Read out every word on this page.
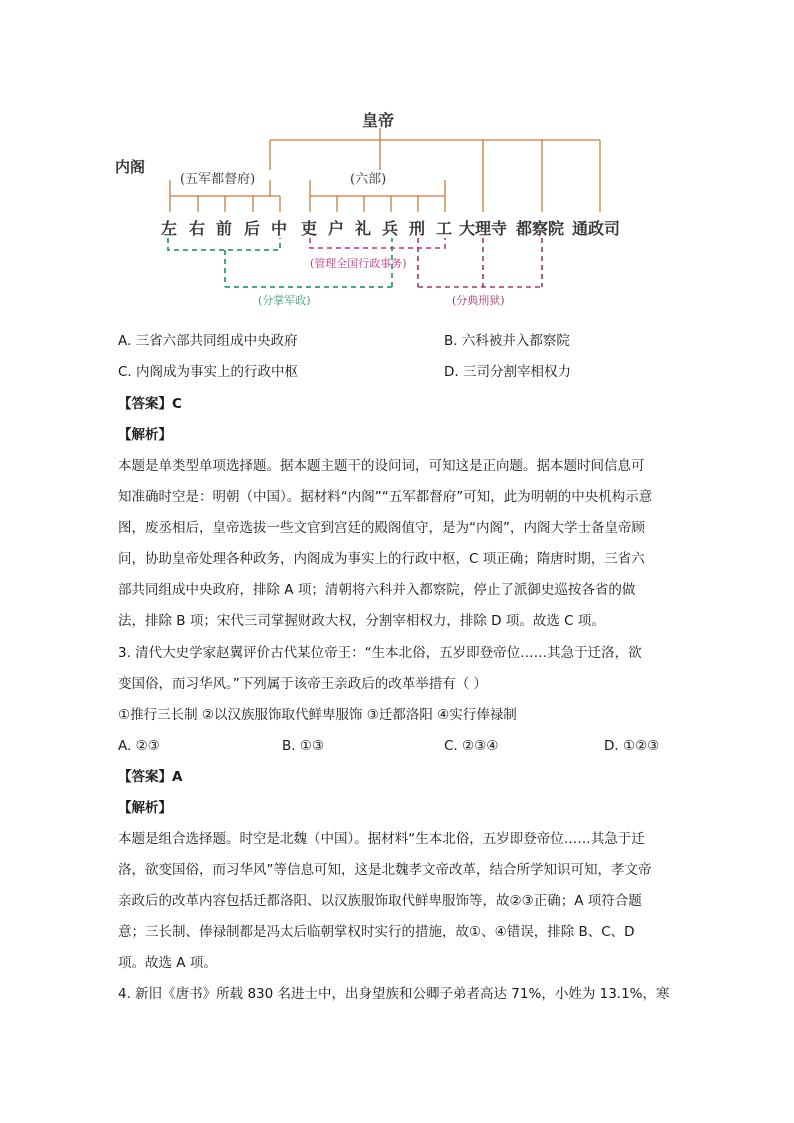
皇帝
内阁
(五军都督府)	(六部)
左 右 前 后 中 吏 户 礼 兵 刑 工 大理寺 都察院 通政司
(管理全国行政事务)
(分掌军政)	(分典刑狱)
A. 三省六部共同组成中央政府	B. 六科被并入都察院
C. 内阁成为事实上的行政中枢	D. 三司分割宰相权力
【答案】C
【解析】
本题是单类型单项选择题。据本题主题干的设问词，可知这是正向题。据本题时间信息可
知准确时空是：明朝（中国）。据材料“内阁”“五军都督府”可知，此为明朝的中央机构示意
图，废丞相后，皇帝选拔一些文官到宫廷的殿阁值守，是为“内阁”，内阁大学士备皇帝顾
问，协助皇帝处理各种政务，内阁成为事实上的行政中枢，C 项正确；隋唐时期，三省六
部共同组成中央政府，排除 A 项；清朝将六科并入都察院，停止了派御史巡按各省的做
法，排除 B 项；宋代三司掌握财政大权，分割宰相权力，排除 D 项。故选 C 项。
3. 清代大史学家赵翼评价古代某位帝王：“生本北俗，五岁即登帝位……其急于迁洛，欲
变国俗，而习华风。”下列属于该帝王亲政后的改革举措有（ ）
①推行三长制 ②以汉族服饰取代鲜卑服饰 ③迁都洛阳 ④实行俸禄制
A. ②③	B. ①③	C. ②③④	D. ①②③
【答案】A
【解析】
本题是组合选择题。时空是北魏（中国）。据材料“生本北俗，五岁即登帝位……其急于迁
洛，欲变国俗，而习华风”等信息可知，这是北魏孝文帝改革，结合所学知识可知，孝文帝
亲政后的改革内容包括迁都洛阳、以汉族服饰取代鲜卑服饰等，故②③正确；A 项符合题
意；三长制、俸禄制都是冯太后临朝掌权时实行的措施，故①、④错误，排除 B、C、D
项。故选 A 项。
4. 新旧《唐书》所载 830 名进士中，出身望族和公卿子弟者高达 71%，小姓为 13.1%，寒
